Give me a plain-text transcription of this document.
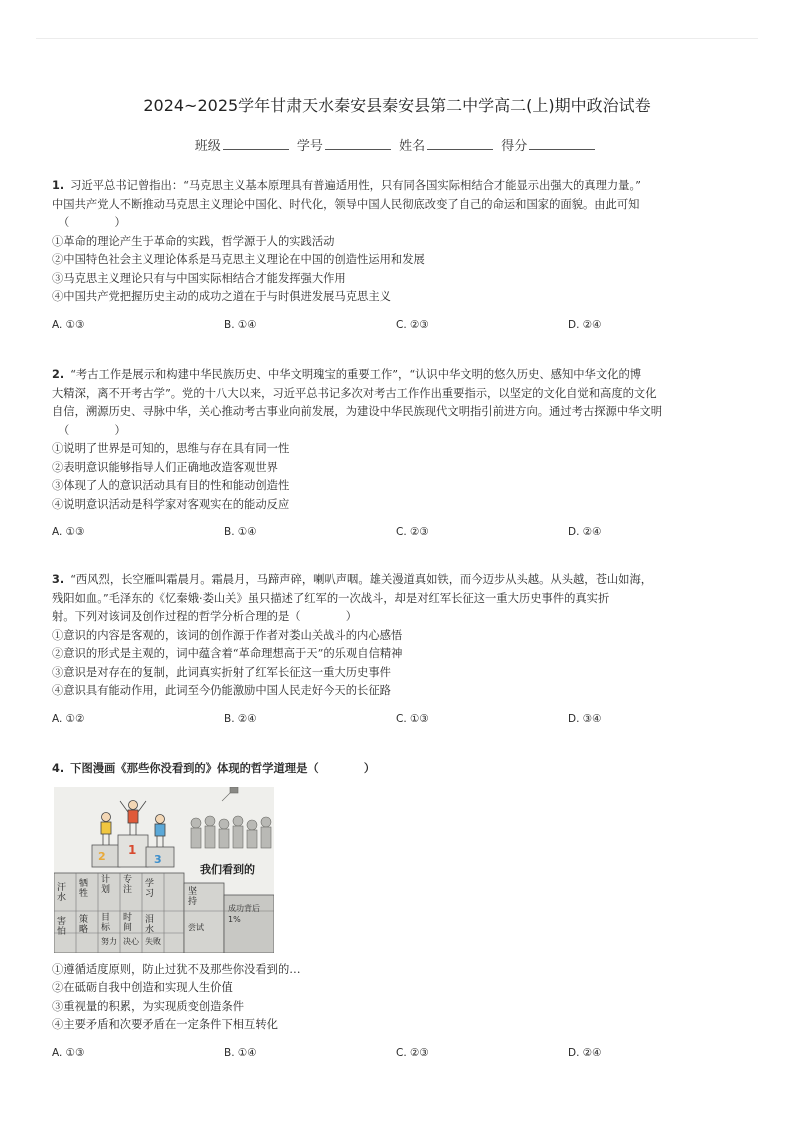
2024~2025学年甘肃天水秦安县秦安县第二中学高二(上)期中政治试卷
班级	学号	姓名	得分

1. 习近平总书记曾指出：“马克思主义基本原理具有普遍适用性，只有同各国实际相结合才能显示出强大的真理力量。”

中国共产党人不断推动马克思主义理论中国化、时代化，领导中国人民彻底改变了自己的命运和国家的面貌。由此可知

（　　　　）

①革命的理论产生于革命的实践，哲学源于人的实践活动

②中国特色社会主义理论体系是马克思主义理论在中国的创造性运用和发展

③马克思主义理论只有与中国实际相结合才能发挥强大作用

④中国共产党把握历史主动的成功之道在于与时俱进发展马克思主义

A. ①③	B. ①④	C. ②③	D. ②④

2. “考古工作是展示和构建中华民族历史、中华文明瑰宝的重要工作”，“认识中华文明的悠久历史、感知中华文化的博

大精深，离不开考古学”。党的十八大以来，习近平总书记多次对考古工作作出重要指示，以坚定的文化自觉和高度的文化

自信，溯源历史、寻脉中华，关心推动考古事业向前发展，为建设中华民族现代文明指引前进方向。通过考古探源中华文明

（　　　　）

①说明了世界是可知的，思维与存在具有同一性

②表明意识能够指导人们正确地改造客观世界

③体现了人的意识活动具有目的性和能动创造性

④说明意识活动是科学家对客观实在的能动反应

A. ①③	B. ①④	C. ②③	D. ②④

3. “西风烈，长空雁叫霜晨月。霜晨月，马蹄声碎，喇叭声咽。雄关漫道真如铁，而今迈步从头越。从头越，苍山如海，

残阳如血。”毛泽东的《忆秦娥·娄山关》虽只描述了红军的一次战斗，却是对红军长征这一重大历史事件的真实折

射。下列对该词及创作过程的哲学分析合理的是（　　　　）

①意识的内容是客观的，该词的创作源于作者对娄山关战斗的内心感悟

②意识的形式是主观的，词中蕴含着“革命理想高于天”的乐观自信精神

③意识是对存在的复制，此词真实折射了红军长征这一重大历史事件

④意识具有能动作用，此词至今仍能激励中国人民走好今天的长征路

A. ①②	B. ②④	C. ①③	D. ③④

4. 下图漫画《那些你没看到的》体现的哲学道理是（　　　　）

2 1
3
我们看到的
汗水
牺牲
计划
专注
学习	坚持
害怕
策略
目标
时间
泪水	尝试
努力 决心 失败
成功背后 1%

①遵循适度原则，防止过犹不及那些你没看到的…

②在砥砺自我中创造和实现人生价值

③重视量的积累，为实现质变创造条件

④主要矛盾和次要矛盾在一定条件下相互转化

A. ①③	B. ①④	C. ②③	D. ②④
